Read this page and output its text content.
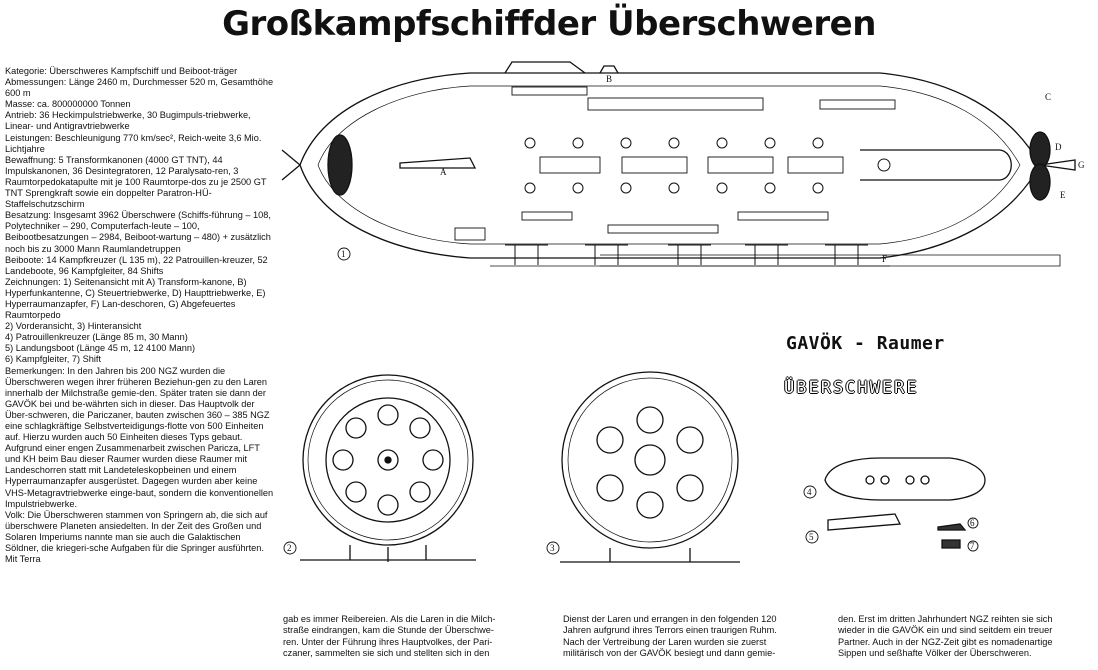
Großkampfschiffder Überschweren

Kategorie: Überschweres Kampfschiff und Beiboot-träger

Abmessungen: Länge 2460 m, Durchmesser 520 m, Gesamthöhe 600 m

Masse: ca. 800000000 Tonnen

Antrieb: 36 Heckimpulstriebwerke, 30 Bugimpuls-triebwerke, Linear- und Antigravtriebwerke

Leistungen: Beschleunigung 770 km/sec², Reich-weite 3,6 Mio. Lichtjahre

Bewaffnung: 5 Transformkanonen (4000 GT TNT), 44 Impulskanonen, 36 Desintegratoren, 12 Paralysato-ren, 3 Raumtorpedokatapulte mit je 100 Raumtorpe-dos zu je 2500 GT TNT Sprengkraft sowie ein doppelter Paratron-HÜ-Staffelschutzschirm

Besatzung: Insgesamt 3962 Überschwere (Schiffs-führung – 108, Polytechniker – 290, Computerfach-leute – 100, Beibootbesatzungen – 2984, Beiboot-wartung – 480) + zusätzlich noch bis zu 3000 Mann Raumlandetruppen

Beiboote: 14 Kampfkreuzer (L 135 m), 22 Patrouillen-kreuzer, 52 Landeboote, 96 Kampfgleiter, 84 Shifts

Zeichnungen: 1) Seitenansicht mit A) Transform-kanone, B) Hyperfunkantenne, C) Steuertriebwerke, D) Haupttriebwerke, E) Hyperraumanzapfer, F) Lan-deschoren, G) Abgefeuertes Raumtorpedo

2) Vorderansicht, 3) Hinteransicht

4) Patrouillenkreuzer (Länge 85 m, 30 Mann)

5) Landungsboot (Länge 45 m, 12 4100 Mann)

6) Kampfgleiter, 7) Shift

Bemerkungen: In den Jahren bis 200 NGZ wurden die Überschweren wegen ihrer früheren Beziehun-gen zu den Laren innerhalb der Milchstraße gemie-den. Später traten sie dann der GAVÖK bei und be-währten sich in dieser. Das Hauptvolk der Über-schweren, die Pariczaner, bauten zwischen 360 – 385 NGZ eine schlagkräftige Selbstverteidigungs-flotte von 500 Einheiten auf. Hierzu wurden auch 50 Einheiten dieses Typs gebaut. Aufgrund einer engen Zusammenarbeit zwischen Paricza, LFT und KH beim Bau dieser Raumer wurden diese Raumer mit Landeschorren statt mit Landeteleskopbeinen und einem Hyperraumanzapfer ausgerüstet. Dagegen wurden aber keine VHS-Metagravtriebwerke einge-baut, sondern die konventionellen Impulstriebwerke.

Volk: Die Überschweren stammen von Springern ab, die sich auf überschwere Planeten ansiedelten. In der Zeit des Großen und Solaren Imperiums nannte man sie auch die Galaktischen Söldner, die kriegeri-sche Aufgaben für die Springer ausführten. Mit Terra

gab es immer Reibereien. Als die Laren in die Milch-

straße eindrangen, kam die Stunde der Überschwe-

ren. Unter der Führung ihres Hauptvolkes, der Pari-

czaner, sammelten sie sich und stellten sich in den

Dienst der Laren und errangen in den folgenden 120

Jahren aufgrund ihres Terrors einen traurigen Ruhm.

Nach der Vertreibung der Laren wurden sie zuerst

militärisch von der GAVÖK besiegt und dann gemie-

den. Erst im dritten Jahrhundert NGZ reihten sie sich

wieder in die GAVÖK ein und sind seitdem ein treuer

Partner. Auch in der NGZ-Zeit gibt es nomadenartige

Sippen und seßhafte Völker der Überschweren.

GAVÖK - Raumer
ÜBERSCHWERE
1
2	3
4
5
6
7
A
B
C
D
E
F
G
